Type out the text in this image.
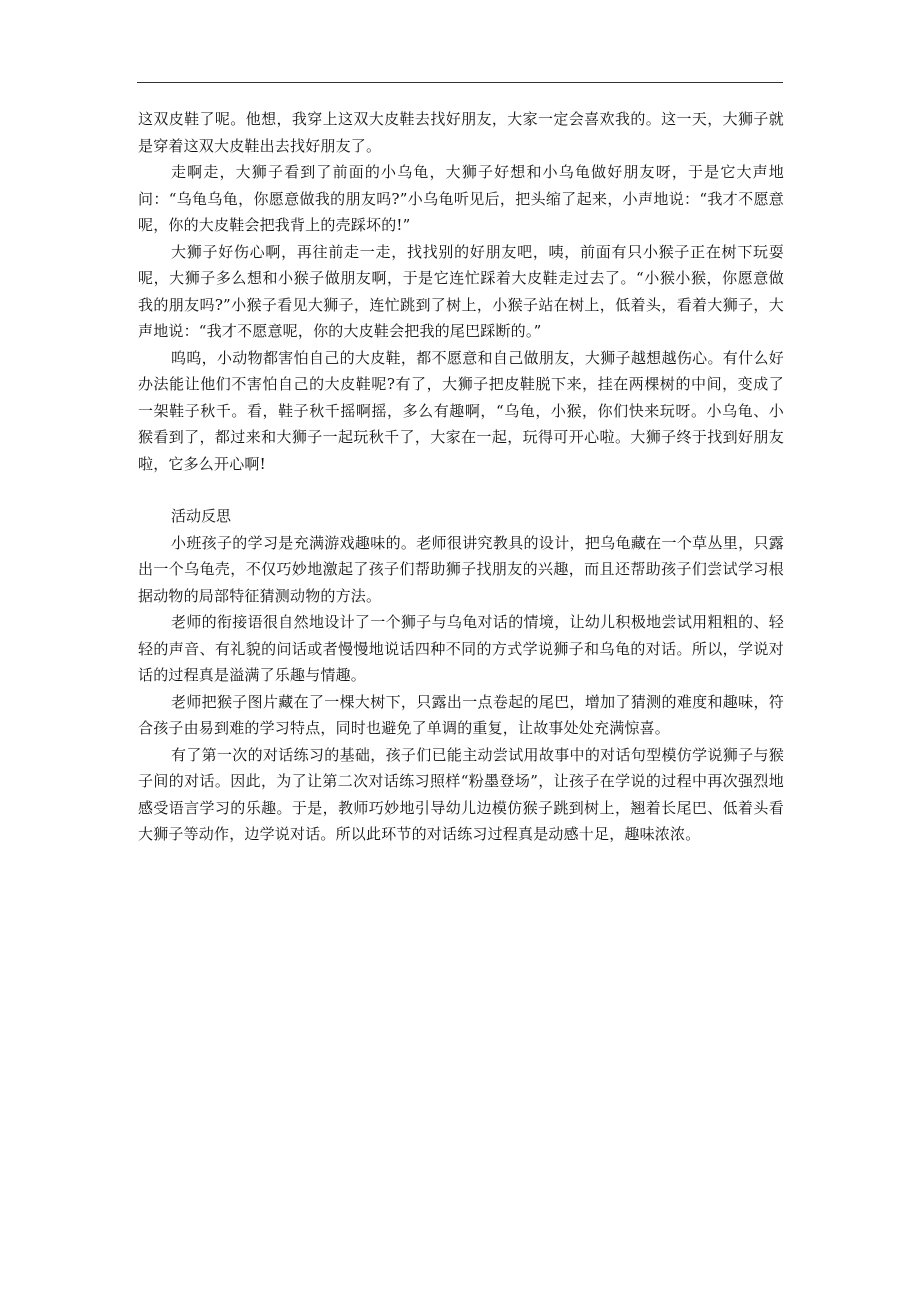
这双皮鞋了呢。他想，我穿上这双大皮鞋去找好朋友，大家一定会喜欢我的。这一天，大狮子就是穿着这双大皮鞋出去找好朋友了。

走啊走，大狮子看到了前面的小乌龟，大狮子好想和小乌龟做好朋友呀，于是它大声地问：“乌龟乌龟，你愿意做我的朋友吗?”小乌龟听见后，把头缩了起来，小声地说：“我才不愿意呢，你的大皮鞋会把我背上的壳踩坏的!”

大狮子好伤心啊，再往前走一走，找找别的好朋友吧，咦，前面有只小猴子正在树下玩耍呢，大狮子多么想和小猴子做朋友啊，于是它连忙踩着大皮鞋走过去了。“小猴小猴，你愿意做我的朋友吗?”小猴子看见大狮子，连忙跳到了树上，小猴子站在树上，低着头，看着大狮子，大声地说：“我才不愿意呢，你的大皮鞋会把我的尾巴踩断的。”

呜呜，小动物都害怕自己的大皮鞋，都不愿意和自己做朋友，大狮子越想越伤心。有什么好办法能让他们不害怕自己的大皮鞋呢?有了，大狮子把皮鞋脱下来，挂在两棵树的中间，变成了一架鞋子秋千。看，鞋子秋千摇啊摇，多么有趣啊，“乌龟，小猴，你们快来玩呀。小乌龟、小猴看到了，都过来和大狮子一起玩秋千了，大家在一起，玩得可开心啦。大狮子终于找到好朋友啦，它多么开心啊!

活动反思

小班孩子的学习是充满游戏趣味的。老师很讲究教具的设计，把乌龟藏在一个草丛里，只露出一个乌龟壳，不仅巧妙地激起了孩子们帮助狮子找朋友的兴趣，而且还帮助孩子们尝试学习根据动物的局部特征猜测动物的方法。

老师的衔接语很自然地设计了一个狮子与乌龟对话的情境，让幼儿积极地尝试用粗粗的、轻轻的声音、有礼貌的问话或者慢慢地说话四种不同的方式学说狮子和乌龟的对话。所以，学说对话的过程真是溢满了乐趣与情趣。

老师把猴子图片藏在了一棵大树下，只露出一点卷起的尾巴，增加了猜测的难度和趣味，符合孩子由易到难的学习特点，同时也避免了单调的重复，让故事处处充满惊喜。

有了第一次的对话练习的基础，孩子们已能主动尝试用故事中的对话句型模仿学说狮子与猴子间的对话。因此，为了让第二次对话练习照样“粉墨登场”，让孩子在学说的过程中再次强烈地感受语言学习的乐趣。于是，教师巧妙地引导幼儿边模仿猴子跳到树上，翘着长尾巴、低着头看大狮子等动作，边学说对话。所以此环节的对话练习过程真是动感十足，趣味浓浓。
